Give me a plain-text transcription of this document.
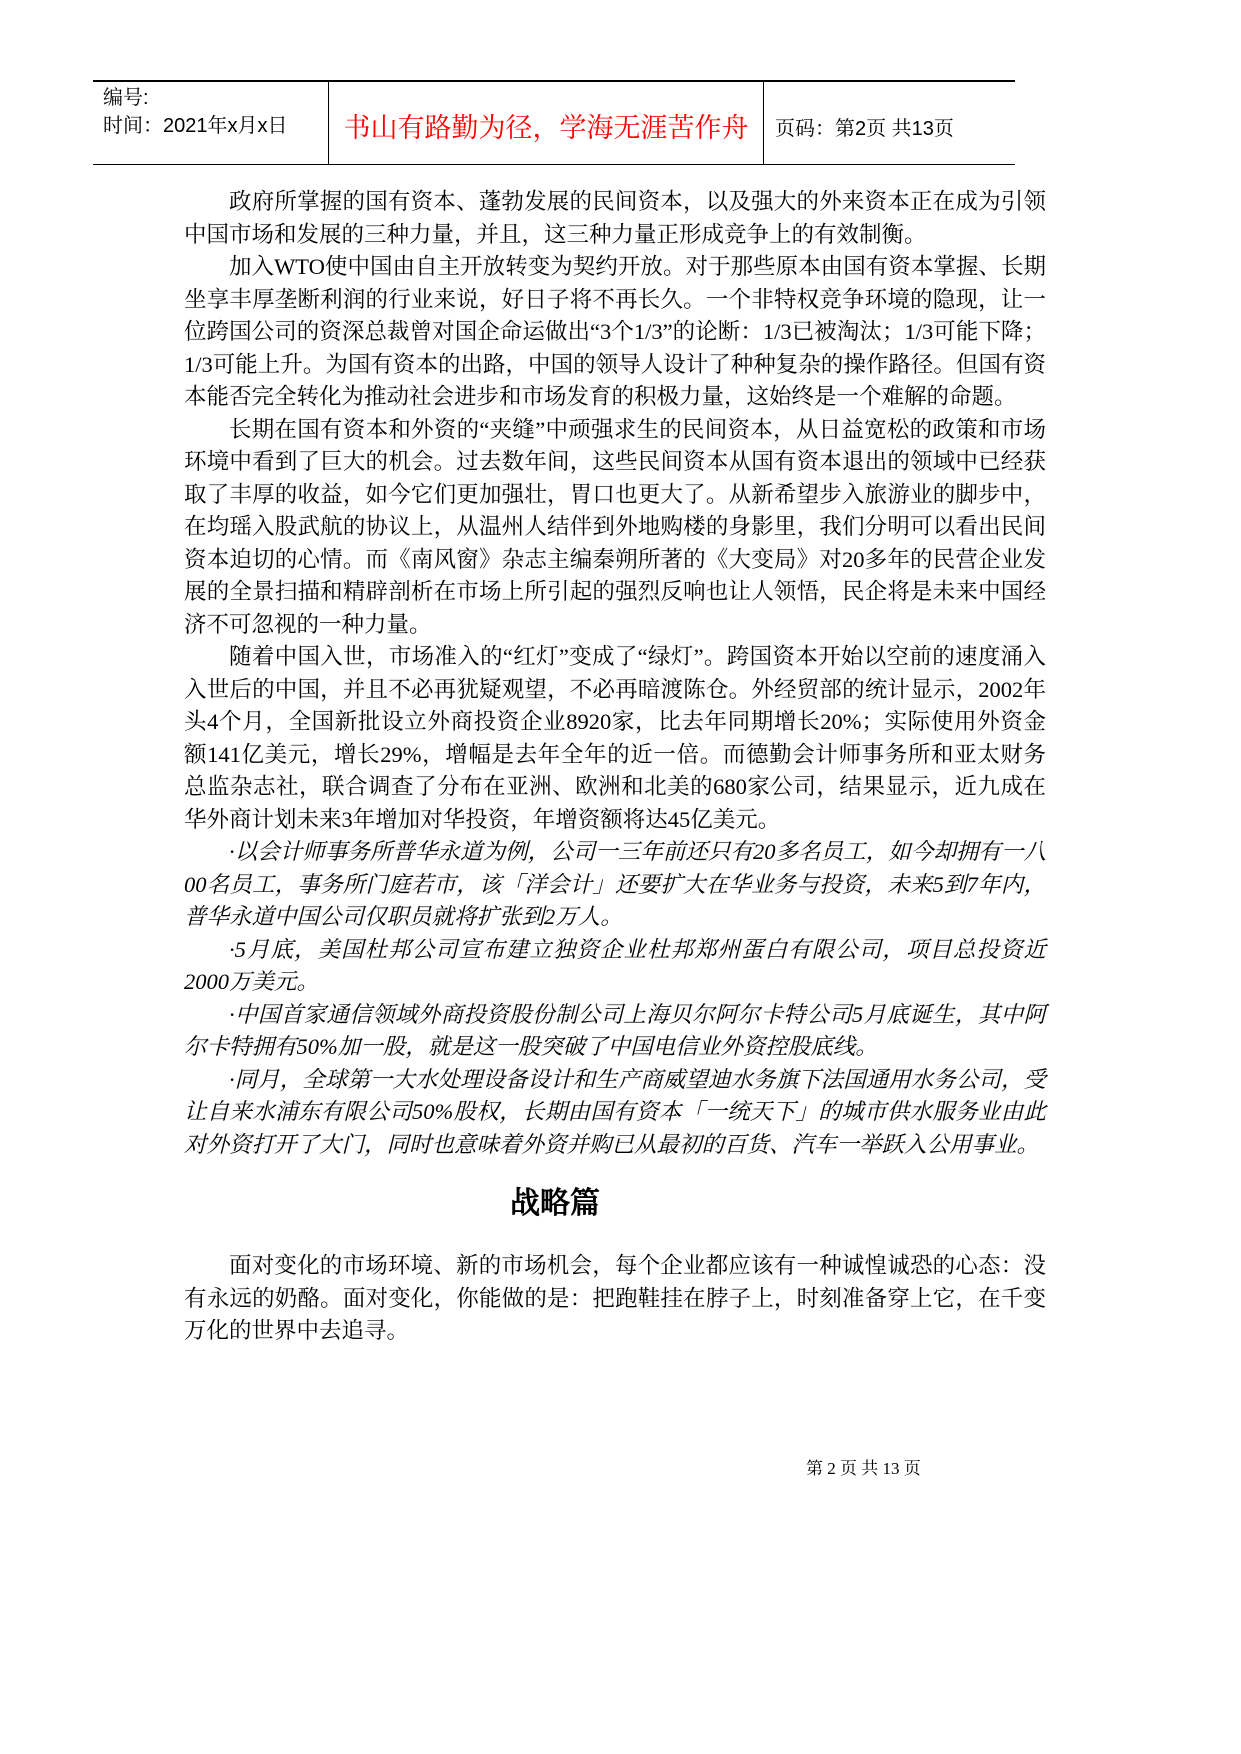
编号:
时间：2021年x月x日	书山有路勤为径，学海无涯苦作舟	页码：第2页 共13页

政府所掌握的国有资本、蓬勃发展的民间资本，以及强大的外来资本正在成为引领中国市场和发展的三种力量，并且，这三种力量正形成竞争上的有效制衡。

加入WTO使中国由自主开放转变为契约开放。对于那些原本由国有资本掌握、长期坐享丰厚垄断利润的行业来说，好日子将不再长久。一个非特权竞争环境的隐现，让一位跨国公司的资深总裁曾对国企命运做出“3个1/3”的论断：1/3已被淘汰；1/3可能下降；1/3可能上升。为国有资本的出路，中国的领导人设计了种种复杂的操作路径。但国有资本能否完全转化为推动社会进步和市场发育的积极力量，这始终是一个难解的命题。

长期在国有资本和外资的“夹缝”中顽强求生的民间资本，从日益宽松的政策和市场环境中看到了巨大的机会。过去数年间，这些民间资本从国有资本退出的领域中已经获取了丰厚的收益，如今它们更加强壮，胃口也更大了。从新希望步入旅游业的脚步中，在均瑶入股武航的协议上，从温州人结伴到外地购楼的身影里，我们分明可以看出民间资本迫切的心情。而《南风窗》杂志主编秦朔所著的《大变局》对20多年的民营企业发展的全景扫描和精辟剖析在市场上所引起的强烈反响也让人领悟，民企将是未来中国经济不可忽视的一种力量。

随着中国入世，市场准入的“红灯”变成了“绿灯”。跨国资本开始以空前的速度涌入入世后的中国，并且不必再犹疑观望，不必再暗渡陈仓。外经贸部的统计显示，2002年头4个月，全国新批设立外商投资企业8920家，比去年同期增长20%；实际使用外资金额141亿美元，增长29%，增幅是去年全年的近一倍。而德勤会计师事务所和亚太财务总监杂志社，联合调查了分布在亚洲、欧洲和北美的680家公司，结果显示，近九成在华外商计划未来3年增加对华投资，年增资额将达45亿美元。

·以会计师事务所普华永道为例，公司一三年前还只有20多名员工，如今却拥有一八00名员工，事务所门庭若市，该「洋会计」还要扩大在华业务与投资，未来5到7年内，普华永道中国公司仅职员就将扩张到2万人。

·5月底，美国杜邦公司宣布建立独资企业杜邦郑州蛋白有限公司，项目总投资近2000万美元。

·中国首家通信领域外商投资股份制公司上海贝尔阿尔卡特公司5月底诞生，其中阿尔卡特拥有50%加一股，就是这一股突破了中国电信业外资控股底线。

·同月，全球第一大水处理设备设计和生产商威望迪水务旗下法国通用水务公司，受让自来水浦东有限公司50%股权，长期由国有资本「一统天下」的城市供水服务业由此对外资打开了大门，同时也意味着外资并购已从最初的百货、汽车一举跃入公用事业。

战略篇

面对变化的市场环境、新的市场机会，每个企业都应该有一种诚惶诚恐的心态：没有永远的奶酪。面对变化，你能做的是：把跑鞋挂在脖子上，时刻准备穿上它，在千变万化的世界中去追寻。

第 2 页 共 13 页
